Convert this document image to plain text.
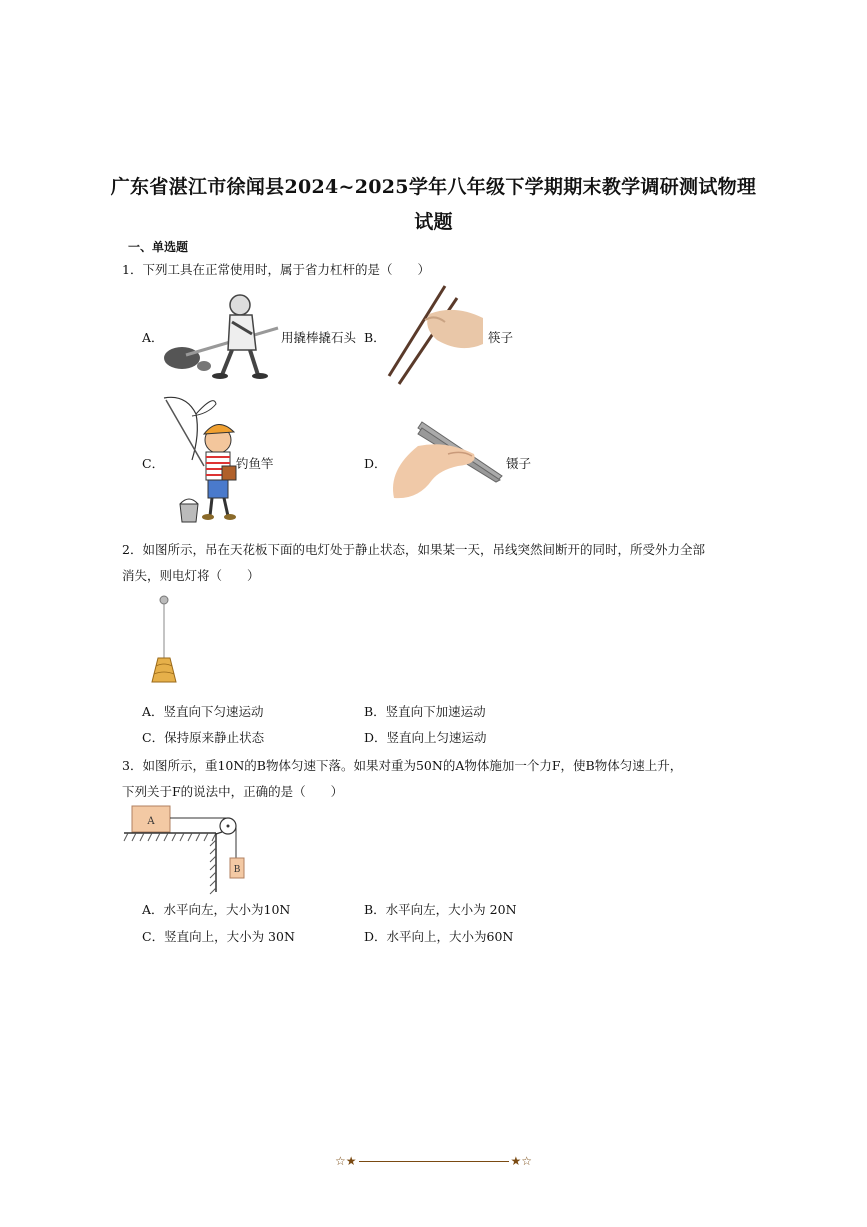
广东省湛江市徐闻县2024~2025学年八年级下学期期末教学调研测试物理
试题
一、单选题
1．下列工具在正常使用时，属于省力杠杆的是（　　）
A．	用撬棒撬石头 B．	筷子
C．	钓鱼竿	D．	镊子
2．如图所示，吊在天花板下面的电灯处于静止状态，如果某一天，吊线突然间断开的同时，所受外力全部
消失，则电灯将（　　）
A．竖直向下匀速运动	B．竖直向下加速运动
C．保持原来静止状态	D．竖直向上匀速运动
3．如图所示，重10N的B物体匀速下落。如果对重为50N的A物体施加一个力F，使B物体匀速上升，
下列关于F的说法中，正确的是（　　）
A
B
A．水平向左，大小为10N	B．水平向左，大小为 20N
C．竖直向上，大小为 30N	D．水平向上，大小为60N
☆★	★☆
